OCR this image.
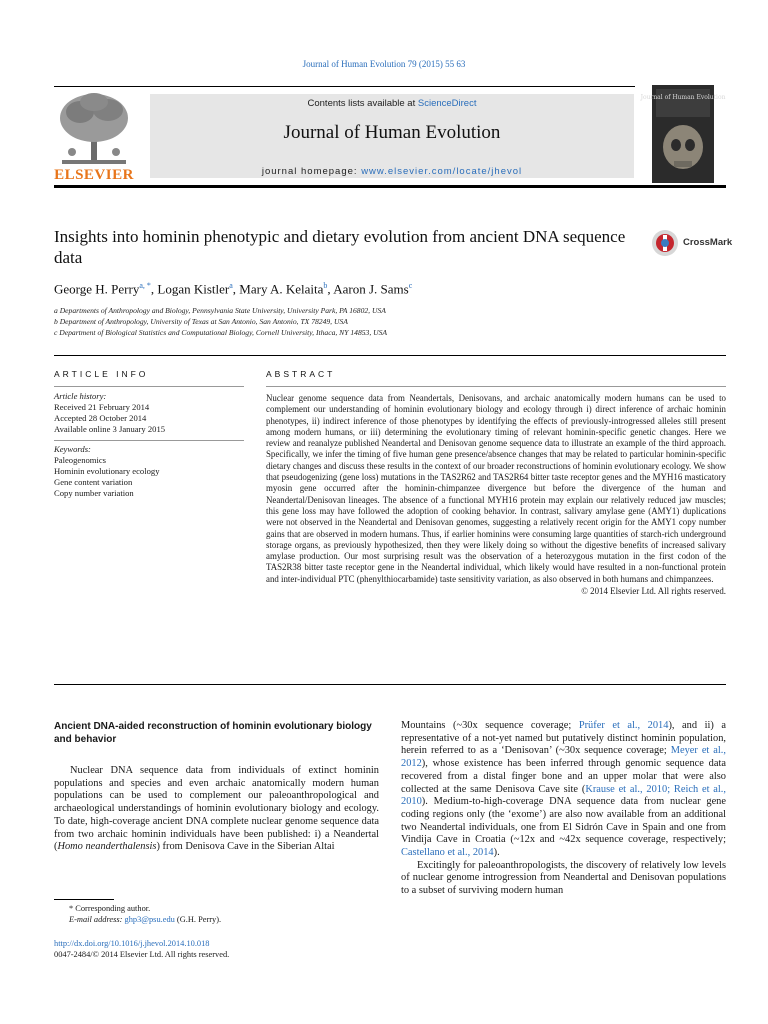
Journal of Human Evolution 79 (2015) 55 63
ELSEVIER
Contents lists available at ScienceDirect
Journal of Human Evolution
journal homepage: www.elsevier.com/locate/jhevol
Journal of Human Evolution
Insights into hominin phenotypic and dietary evolution from ancient DNA sequence data
CrossMark
George H. Perry$^{a, *}$, Logan Kistler$^a$, Mary A. Kelaita$^b$, Aaron J. Sams$^c$
a Departments of Anthropology and Biology, Pennsylvania State University, University Park, PA 16802, USA
b Department of Anthropology, University of Texas at San Antonio, San Antonio, TX 78249, USA
c Department of Biological Statistics and Computational Biology, Cornell University, Ithaca, NY 14853, USA
ARTICLE INFO	ABSTRACT
Article history:
Received 21 February 2014
Accepted 28 October 2014
Available online 3 January 2015
Keywords:
Paleogenomics
Hominin evolutionary ecology
Gene content variation
Copy number variation
Nuclear genome sequence data from Neandertals, Denisovans, and archaic anatomically modern humans can be used to complement our understanding of hominin evolutionary biology and ecology through i) direct inference of archaic hominin phenotypes, ii) indirect inference of those phenotypes by identifying the effects of previously-introgressed alleles still present among modern humans, or iii) determining the evolutionary timing of relevant hominin-specific genetic changes. Here we review and reanalyze published Neandertal and Denisovan genome sequence data to illustrate an example of the third approach. Specifically, we infer the timing of five human gene presence/absence changes that may be related to particular hominin-specific dietary changes and discuss these results in the context of our broader reconstructions of hominin evolutionary ecology. We show that pseudogenizing (gene loss) mutations in the TAS2R62 and TAS2R64 bitter taste receptor genes and the MYH16 masticatory myosin gene occurred after the hominin-chimpanzee divergence but before the divergence of the human and Neandertal/Denisovan lineages. The absence of a functional MYH16 protein may explain our relatively reduced jaw muscles; this gene loss may have followed the adoption of cooking behavior. In contrast, salivary amylase gene (AMY1) duplications were not observed in the Neandertal and Denisovan genomes, suggesting a relatively recent origin for the AMY1 copy number gains that are observed in modern humans. Thus, if earlier hominins were consuming large quantities of starch-rich underground storage organs, as previously hypothesized, then they were likely doing so without the digestive benefits of increased salivary amylase production. Our most surprising result was the observation of a heterozygous mutation in the first codon of the TAS2R38 bitter taste receptor gene in the Neandertal individual, which likely would have resulted in a non-functional protein and inter-individual PTC (phenylthiocarbamide) taste sensitivity variation, as also observed in both humans and chimpanzees.
© 2014 Elsevier Ltd. All rights reserved.
Ancient DNA-aided reconstruction of hominin evolutionary biology and behavior

Nuclear DNA sequence data from individuals of extinct hominin populations and species and even archaic anatomically modern human populations can be used to complement our paleoanthropological and archaeological understandings of hominin evolutionary biology and ecology. To date, high-coverage ancient DNA complete nuclear genome sequence data from two archaic hominin individuals have been published: i) a Neandertal (Homo neanderthalensis) from Denisova Cave in the Siberian Altai

Mountains (~30x sequence coverage; Prüfer et al., 2014), and ii) a representative of a not-yet named but putatively distinct hominin population, herein referred to as a ‘Denisovan’ (~30x sequence coverage; Meyer et al., 2012), whose existence has been inferred through genomic sequence data recovered from a distal finger bone and an upper molar that were also collected at the same Denisova Cave site (Krause et al., 2010; Reich et al., 2010). Medium-to-high-coverage DNA sequence data from nuclear gene coding regions only (the ‘exome’) are also now available from an additional two Neandertal individuals, one from El Sidrón Cave in Spain and one from Vindija Cave in Croatia (~12x and ~42x sequence coverage, respectively; Castellano et al., 2014).

Excitingly for paleoanthropologists, the discovery of relatively low levels of nuclear genome introgression from Neandertal and Denisovan populations to a subset of surviving modern human

* Corresponding author.
E-mail address: ghp3@psu.edu (G.H. Perry).
http://dx.doi.org/10.1016/j.jhevol.2014.10.018
0047-2484/© 2014 Elsevier Ltd. All rights reserved.
